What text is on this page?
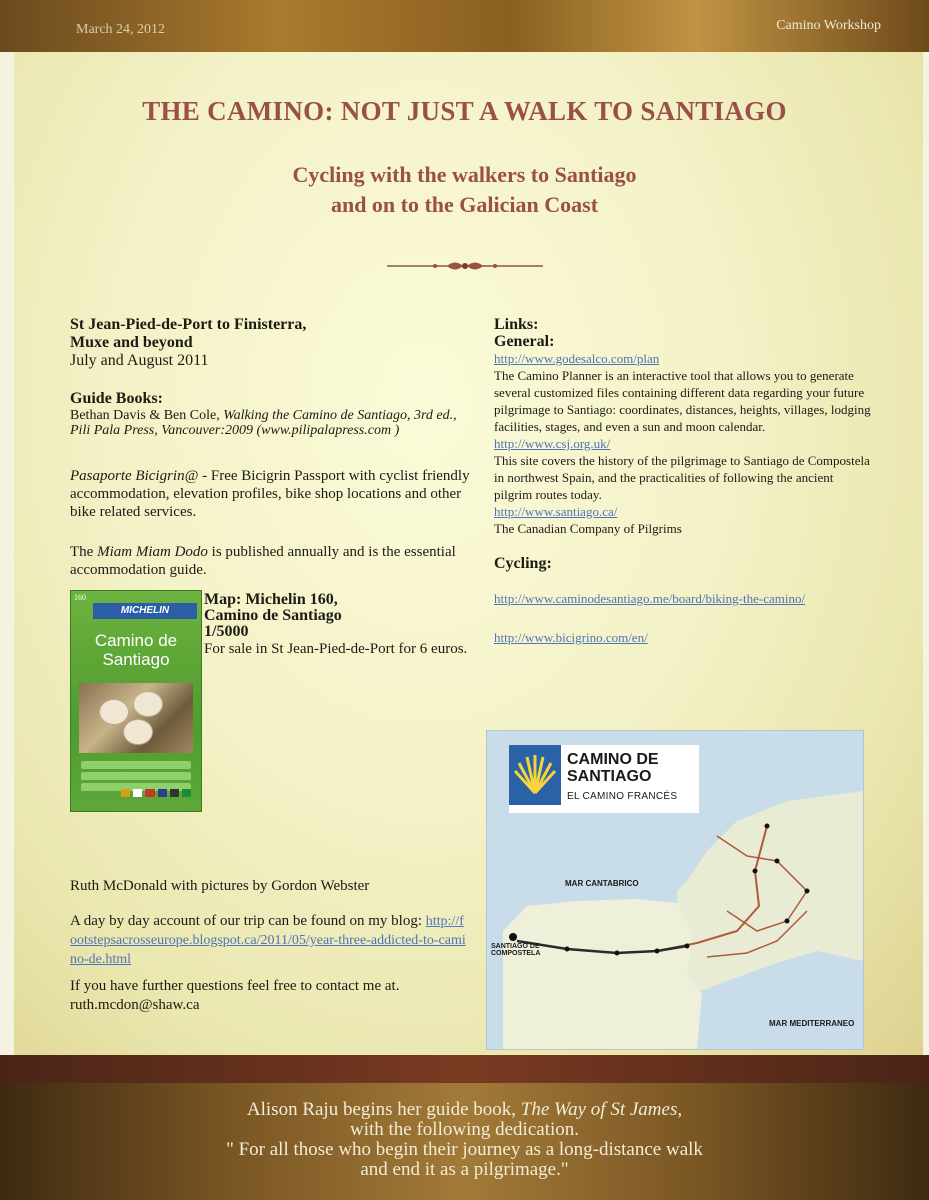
March 24, 2012	Camino Workshop
THE CAMINO: NOT JUST A WALK TO SANTIAGO
Cycling with the walkers to Santiago
and on to the Galician Coast
St Jean-Pied-de-Port to Finisterra,
Muxe and beyond
July and August 2011
Guide Books:
Bethan Davis & Ben Cole, Walking the Camino de Santiago, 3rd ed., Pili Pala Press, Vancouver:2009 (www.pilipalapress.com )
Pasaporte Bicigrin@ - Free Bicigrin Passport with cyclist friendly accommodation, elevation profiles, bike shop locations and other bike related services.
The Miam Miam Dodo is published annually and is the essential accommodation guide.
160
MICHELIN
Camino de
Santiago
Map: Michelin 160,
Camino de Santiago
1/5000
For sale in St Jean-Pied-de-Port for 6 euros.
Ruth McDonald with pictures by Gordon Webster
A day by day account of our trip can be found on my blog: http://footstepsacrosseurope.blogspot.ca/2011/05/year-three-addicted-to-camino-de.html
If you have further questions feel free to contact me at. ruth.mcdon@shaw.ca
Links:
General:
http://www.godesalco.com/plan
The Camino Planner is an interactive tool that allows you to generate several customized files containing different data regarding your future pilgrimage to Santiago: coordinates, distances, heights, villages, lodging facilities, stages, and even a sun and moon calendar.
http://www.csj.org.uk/
This site covers the history of the pilgrimage to Santiago de Compostela in northwest Spain, and the practicalities of following the ancient pilgrim routes today.
http://www.santiago.ca/
The Canadian Company of Pilgrims
Cycling:
http://www.caminodesantiago.me/board/biking-the-camino/
http://www.bicigrino.com/en/
CAMINO DE
SANTIAGO
EL CAMINO FRANCÉS
MAR CANTABRICO
MAR MEDITERRANEO
SANTIAGO DE COMPOSTELA
Alison Raju begins her guide book, The Way of St James,
with the following dedication.
" For all those who begin their journey as a long-distance walk
and end it as a pilgrimage."
